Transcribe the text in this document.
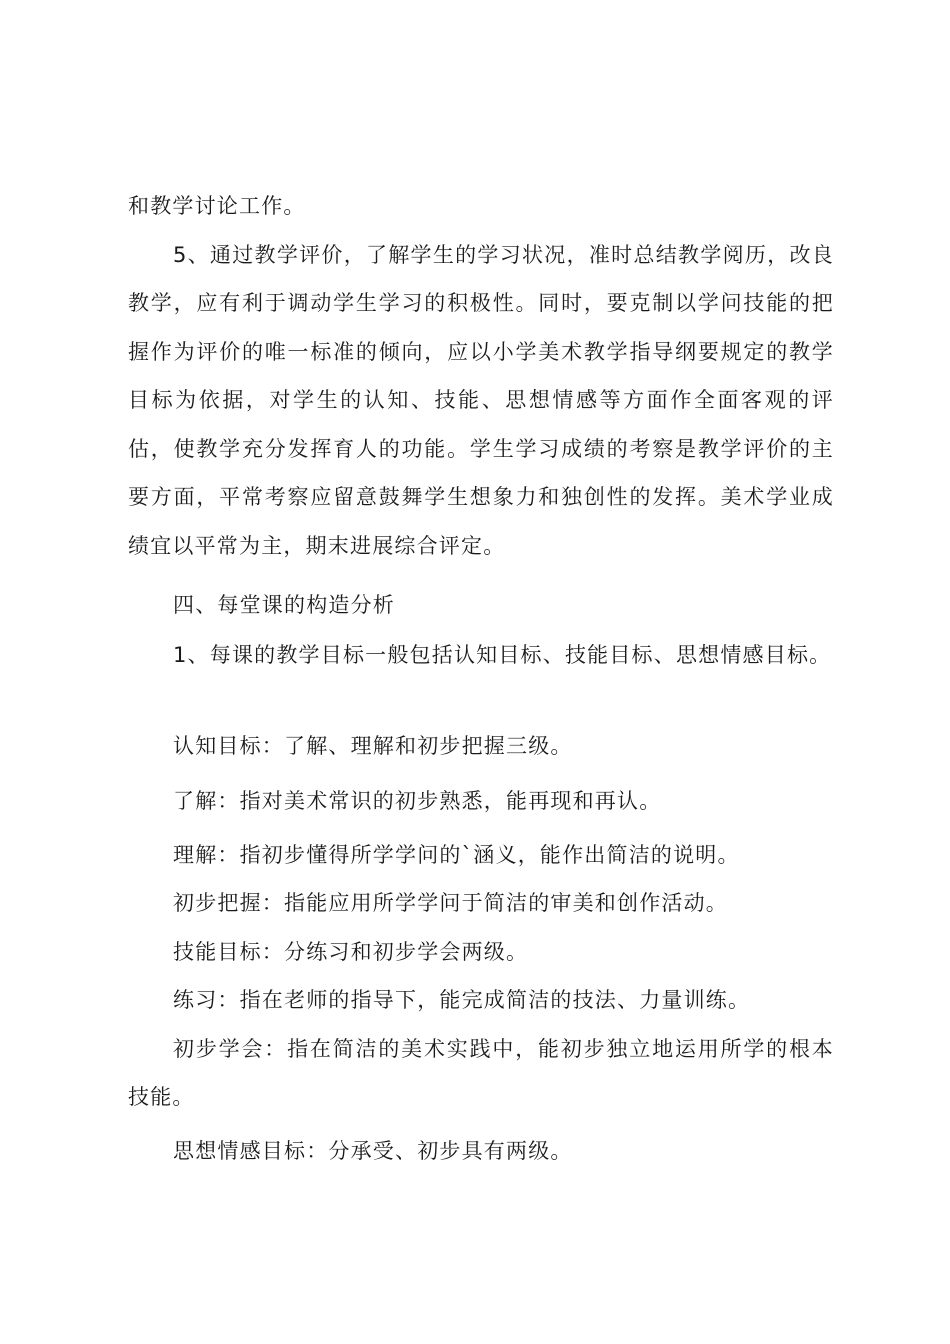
和教学讨论工作。
5、通过教学评价，了解学生的学习状况，准时总结教学阅历，改良
教学，应有利于调动学生学习的积极性。同时，要克制以学问技能的把
握作为评价的唯一标准的倾向，应以小学美术教学指导纲要规定的教学
目标为依据，对学生的认知、技能、思想情感等方面作全面客观的评
估，使教学充分发挥育人的功能。学生学习成绩的考察是教学评价的主
要方面，平常考察应留意鼓舞学生想象力和独创性的发挥。美术学业成
绩宜以平常为主，期末进展综合评定。
四、每堂课的构造分析
1、每课的教学目标一般包括认知目标、技能目标、思想情感目标。
认知目标：了解、理解和初步把握三级。
了解：指对美术常识的初步熟悉，能再现和再认。
理解：指初步懂得所学学问的`涵义，能作出简洁的说明。
初步把握：指能应用所学学问于简洁的审美和创作活动。
技能目标：分练习和初步学会两级。
练习：指在老师的指导下，能完成简洁的技法、力量训练。
初步学会：指在简洁的美术实践中，能初步独立地运用所学的根本
技能。
思想情感目标：分承受、初步具有两级。
